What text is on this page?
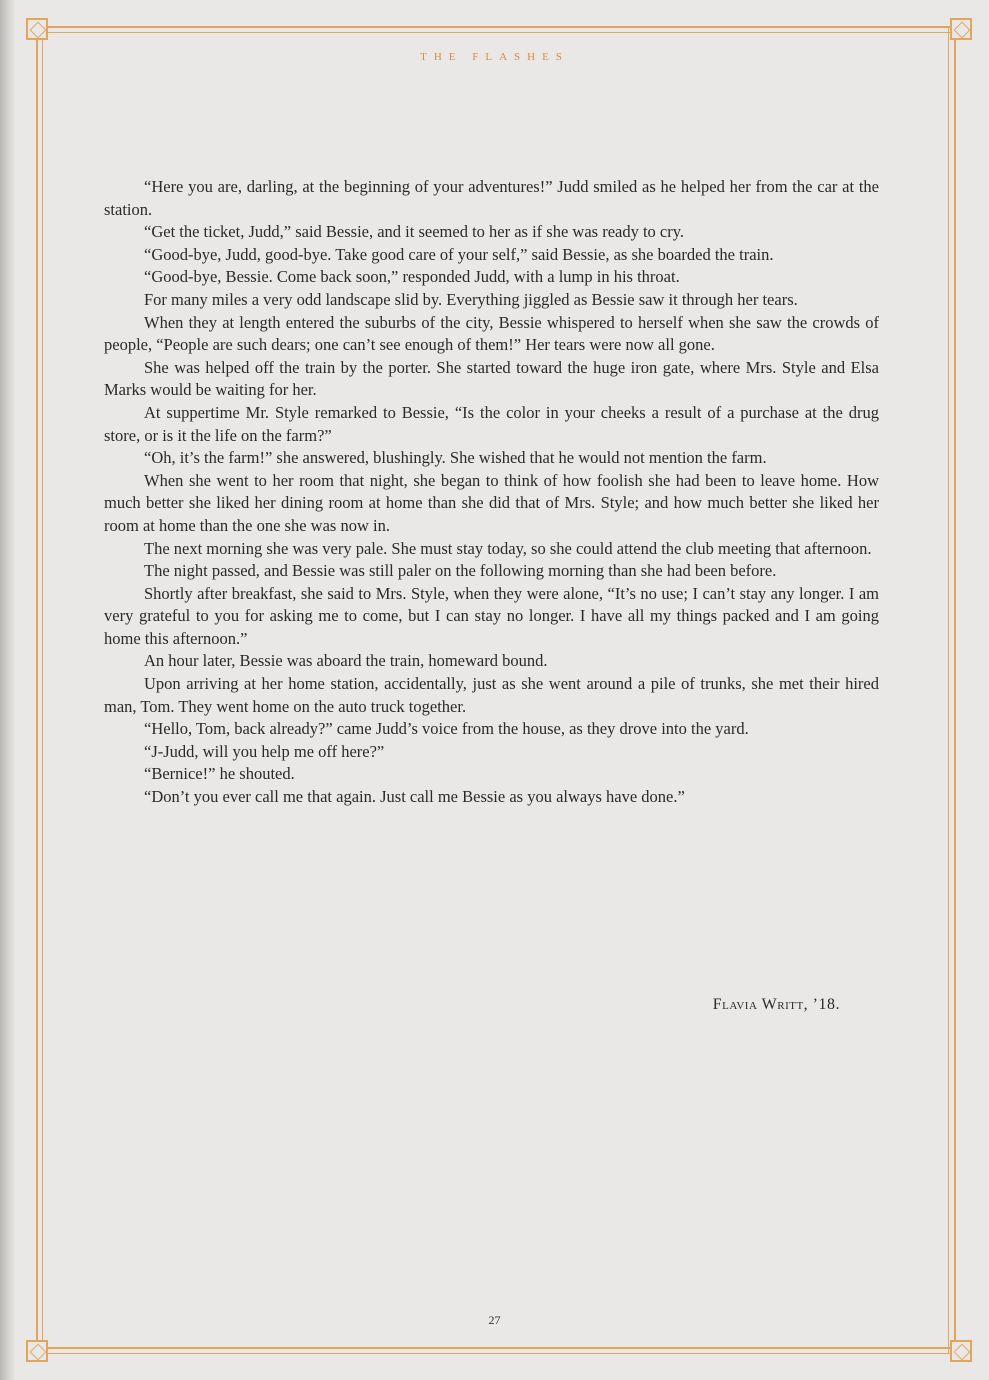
THE FLASHES

“Here you are, darling, at the beginning of your adventures!” Judd smiled as he helped her from the car at the station.

“Get the ticket, Judd,” said Bessie, and it seemed to her as if she was ready to cry.

“Good-bye, Judd, good-bye. Take good care of your self,” said Bessie, as she boarded the train.

“Good-bye, Bessie. Come back soon,” responded Judd, with a lump in his throat.

For many miles a very odd landscape slid by. Everything jiggled as Bessie saw it through her tears.

When they at length entered the suburbs of the city, Bessie whispered to herself when she saw the crowds of people, “People are such dears; one can’t see enough of them!” Her tears were now all gone.

She was helped off the train by the porter. She started toward the huge iron gate, where Mrs. Style and Elsa Marks would be waiting for her.

At suppertime Mr. Style remarked to Bessie, “Is the color in your cheeks a result of a purchase at the drug store, or is it the life on the farm?”

“Oh, it’s the farm!” she answered, blushingly. She wished that he would not mention the farm.

When she went to her room that night, she began to think of how foolish she had been to leave home. How much better she liked her dining room at home than she did that of Mrs. Style; and how much better she liked her room at home than the one she was now in.

The next morning she was very pale. She must stay today, so she could attend the club meeting that afternoon.

The night passed, and Bessie was still paler on the following morning than she had been before.

Shortly after breakfast, she said to Mrs. Style, when they were alone, “It’s no use; I can’t stay any longer. I am very grateful to you for asking me to come, but I can stay no longer. I have all my things packed and I am going home this afternoon.”

An hour later, Bessie was aboard the train, homeward bound.

Upon arriving at her home station, accidentally, just as she went around a pile of trunks, she met their hired man, Tom. They went home on the auto truck together.

“Hello, Tom, back already?” came Judd’s voice from the house, as they drove into the yard.

“J-Judd, will you help me off here?”

“Bernice!” he shouted.

“Don’t you ever call me that again. Just call me Bessie as you always have done.”

Flavia Writt, ’18.
27
